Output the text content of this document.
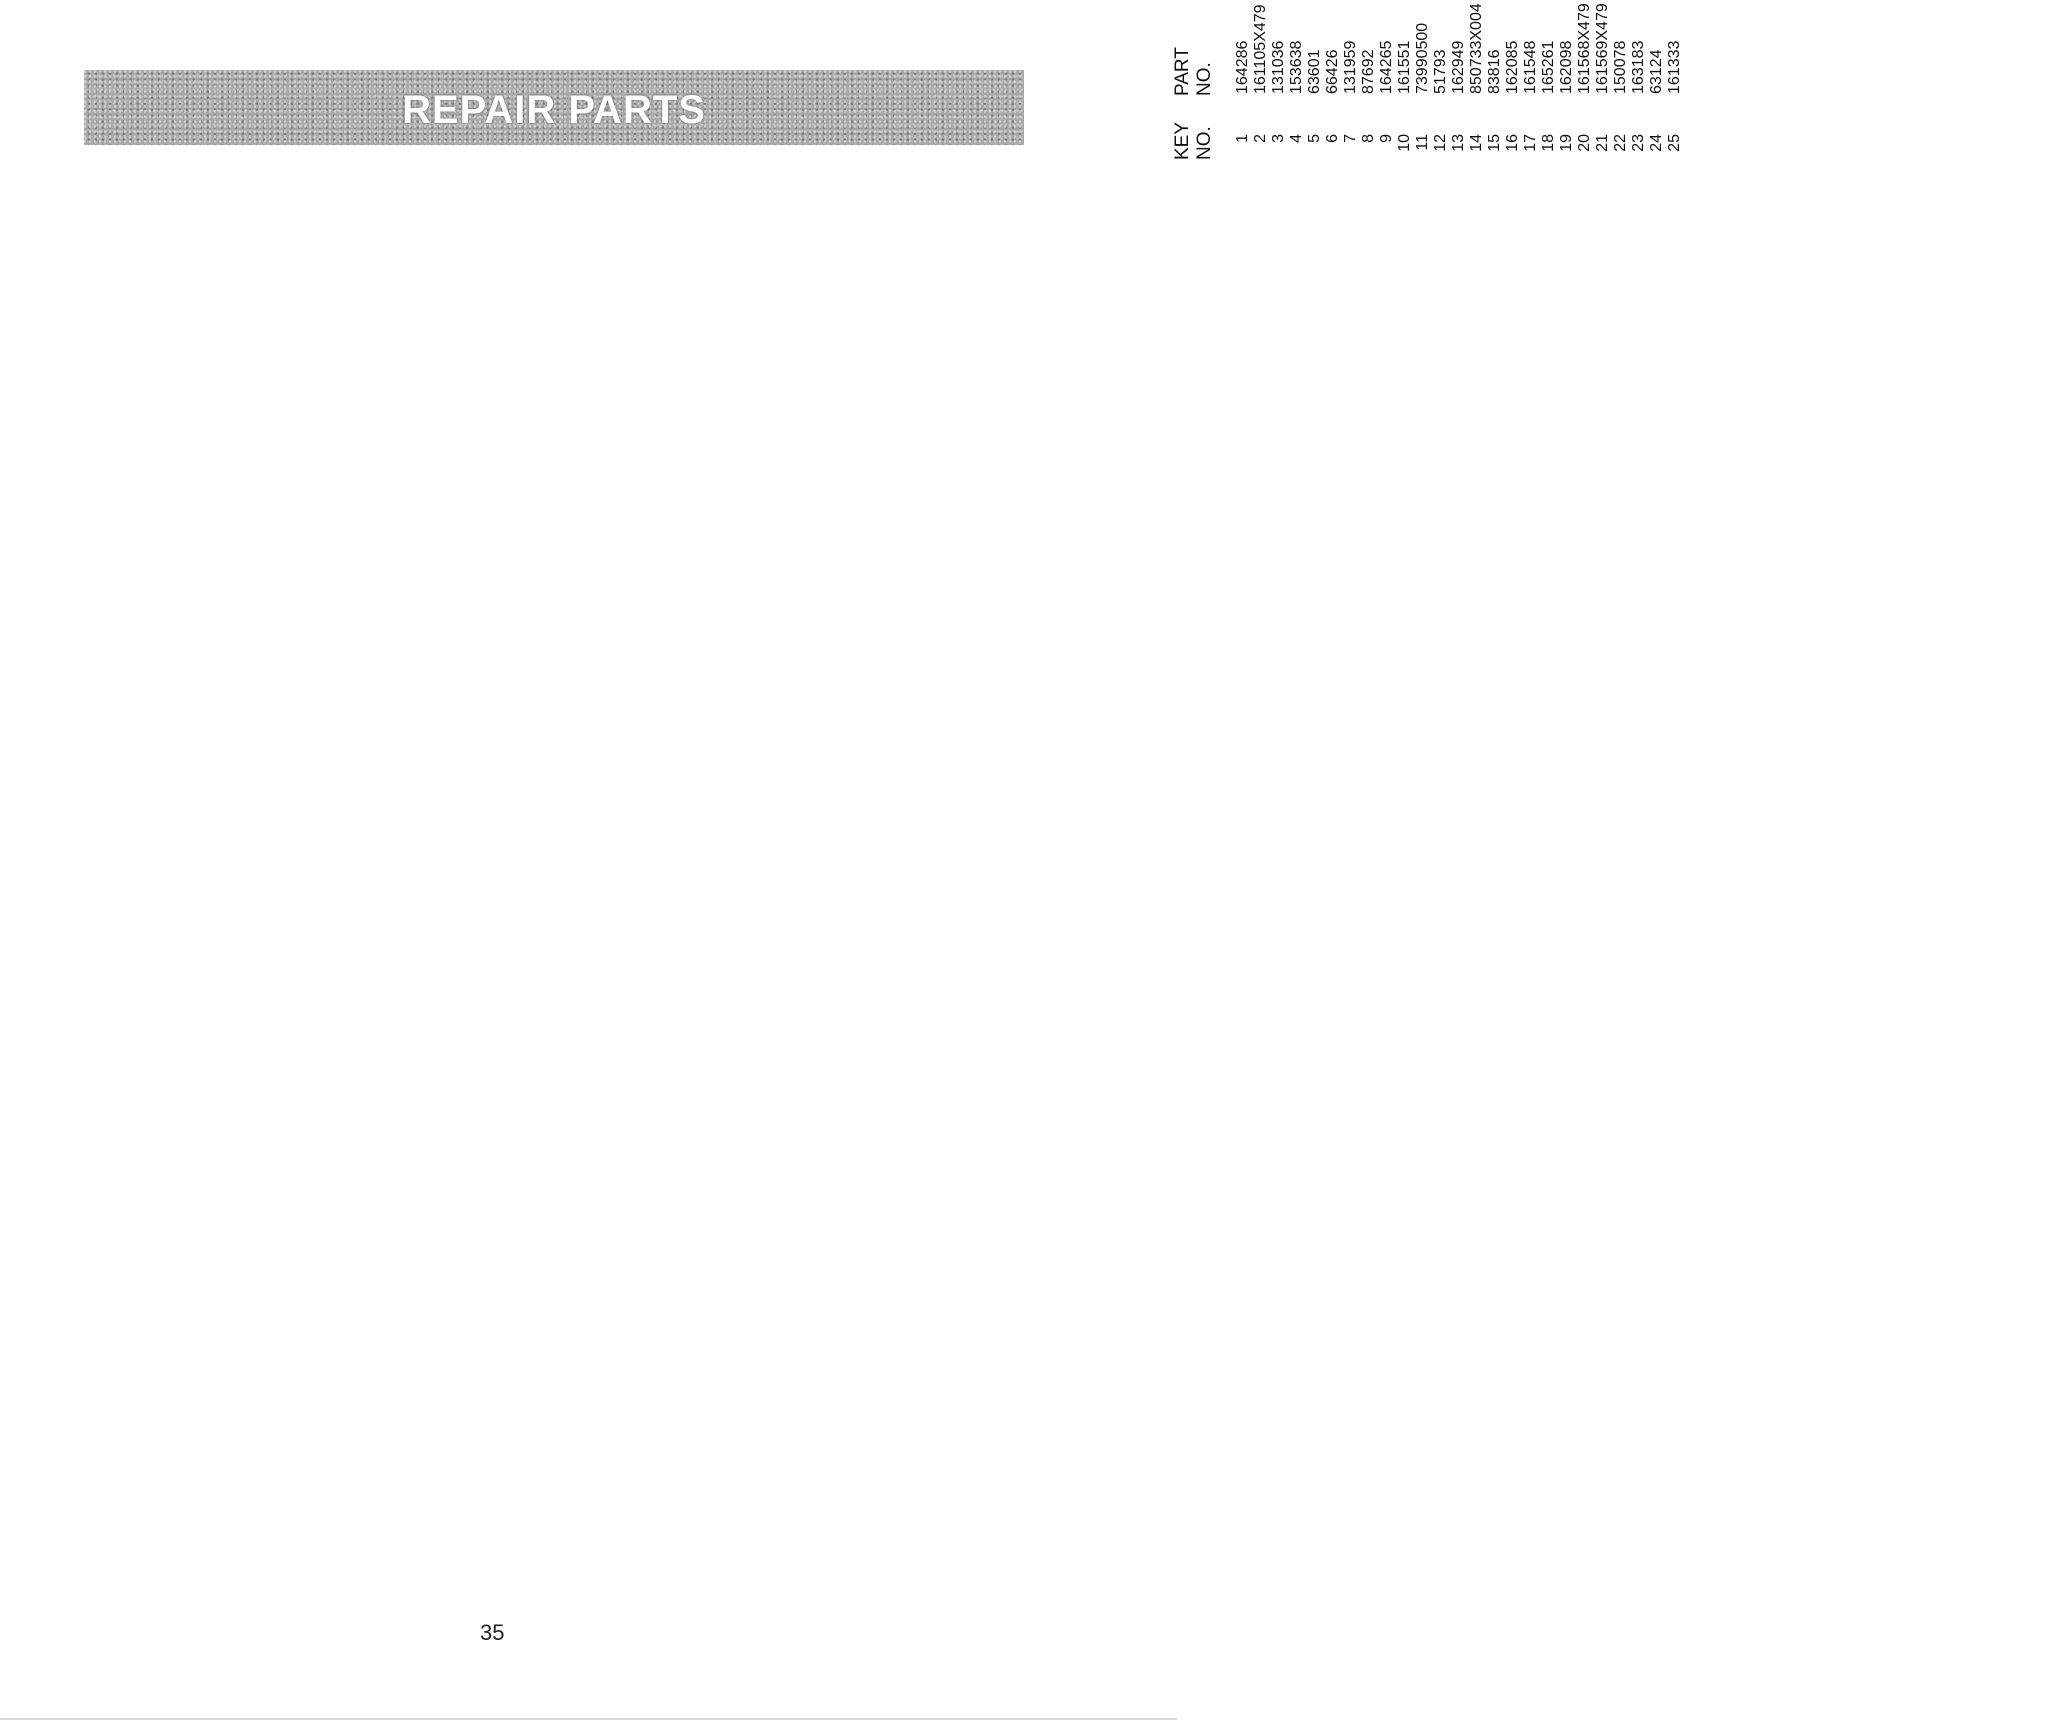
REPAIR PARTS
KEY
NO.
PART
NO.
1
164286
2
161105X479
3
131036
4
153638
5
63601
6
66426
7
131959
8
87692
9
164265
10
161551
11
73990500
12
51793
13
162949
14
850733X004
15
83816
16
162085
17
161548
18
165261
19
162098
20
161568X479
21
161569X479
22
150078
23
163183
24
63124
25
161333
35
